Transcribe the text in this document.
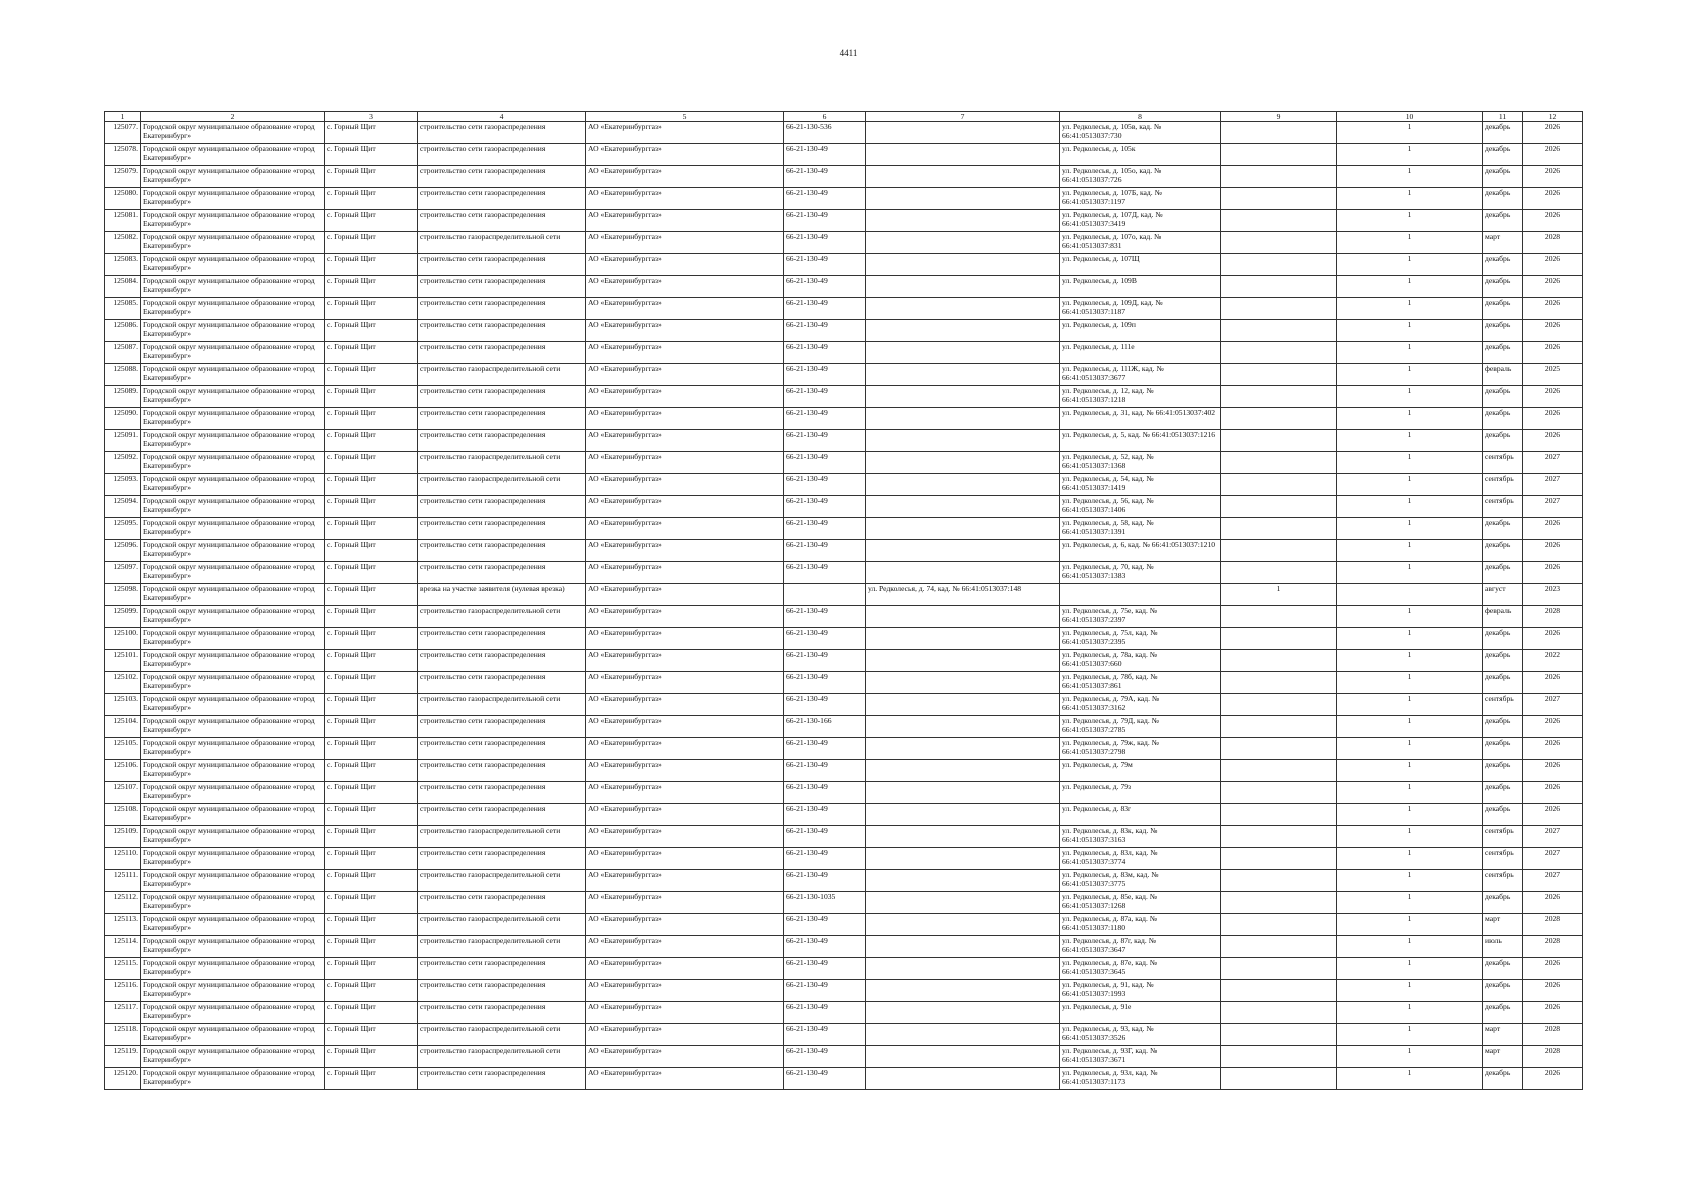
4411
1	2	3	4	5	6	7	8	9	10	11	12
125077.	Городской округ муниципальное образование «город Екатеринбург»	с. Горный Щит	строительство сети газораспределения	АО «Екатеринбурггаз»	66-21-130-536		ул. Редколесья, д. 105в, кад. № 66:41:0513037:730		1	декабрь	2026
125078.	Городской округ муниципальное образование «город Екатеринбург»	с. Горный Щит	строительство сети газораспределения	АО «Екатеринбурггаз»	66-21-130-49		ул. Редколесья, д. 105к		1	декабрь	2026
125079.	Городской округ муниципальное образование «город Екатеринбург»	с. Горный Щит	строительство сети газораспределения	АО «Екатеринбурггаз»	66-21-130-49		ул. Редколесья, д. 105о, кад. № 66:41:0513037:726		1	декабрь	2026
125080.	Городской округ муниципальное образование «город Екатеринбург»	с. Горный Щит	строительство сети газораспределения	АО «Екатеринбурггаз»	66-21-130-49		ул. Редколесья, д. 107Б, кад. № 66:41:0513037:1197		1	декабрь	2026
125081.	Городской округ муниципальное образование «город Екатеринбург»	с. Горный Щит	строительство сети газораспределения	АО «Екатеринбурггаз»	66-21-130-49		ул. Редколесья, д. 107Д, кад. № 66:41:0513037:3419		1	декабрь	2026
125082.	Городской округ муниципальное образование «город Екатеринбург»	с. Горный Щит	строительство газораспределительной сети	АО «Екатеринбурггаз»	66-21-130-49		ул. Редколесья, д. 107о, кад. № 66:41:0513037:831		1	март	2028
125083.	Городской округ муниципальное образование «город Екатеринбург»	с. Горный Щит	строительство сети газораспределения	АО «Екатеринбурггаз»	66-21-130-49		ул. Редколесья, д. 107Щ		1	декабрь	2026
125084.	Городской округ муниципальное образование «город Екатеринбург»	с. Горный Щит	строительство сети газораспределения	АО «Екатеринбурггаз»	66-21-130-49		ул. Редколесья, д. 109В		1	декабрь	2026
125085.	Городской округ муниципальное образование «город Екатеринбург»	с. Горный Щит	строительство сети газораспределения	АО «Екатеринбурггаз»	66-21-130-49		ул. Редколесья, д. 109Д, кад. № 66:41:0513037:1187		1	декабрь	2026
125086.	Городской округ муниципальное образование «город Екатеринбург»	с. Горный Щит	строительство сети газораспределения	АО «Екатеринбурггаз»	66-21-130-49		ул. Редколесья, д. 109п		1	декабрь	2026
125087.	Городской округ муниципальное образование «город Екатеринбург»	с. Горный Щит	строительство сети газораспределения	АО «Екатеринбурггаз»	66-21-130-49		ул. Редколесья, д. 111е		1	декабрь	2026
125088.	Городской округ муниципальное образование «город Екатеринбург»	с. Горный Щит	строительство газораспределительной сети	АО «Екатеринбурггаз»	66-21-130-49		ул. Редколесья, д. 111Ж, кад. № 66:41:0513037:3677		1	февраль	2025
125089.	Городской округ муниципальное образование «город Екатеринбург»	с. Горный Щит	строительство сети газораспределения	АО «Екатеринбурггаз»	66-21-130-49		ул. Редколесья, д. 12, кад. № 66:41:0513037:1218		1	декабрь	2026
125090.	Городской округ муниципальное образование «город Екатеринбург»	с. Горный Щит	строительство сети газораспределения	АО «Екатеринбурггаз»	66-21-130-49		ул. Редколесья, д. 31, кад. № 66:41:0513037:402		1	декабрь	2026
125091.	Городской округ муниципальное образование «город Екатеринбург»	с. Горный Щит	строительство сети газораспределения	АО «Екатеринбурггаз»	66-21-130-49		ул. Редколесья, д. 5, кад. № 66:41:0513037:1216		1	декабрь	2026
125092.	Городской округ муниципальное образование «город Екатеринбург»	с. Горный Щит	строительство газораспределительной сети	АО «Екатеринбурггаз»	66-21-130-49		ул. Редколесья, д. 52, кад. № 66:41:0513037:1368		1	сентябрь	2027
125093.	Городской округ муниципальное образование «город Екатеринбург»	с. Горный Щит	строительство газораспределительной сети	АО «Екатеринбурггаз»	66-21-130-49		ул. Редколесья, д. 54, кад. № 66:41:0513037:1419		1	сентябрь	2027
125094.	Городской округ муниципальное образование «город Екатеринбург»	с. Горный Щит	строительство сети газораспределения	АО «Екатеринбурггаз»	66-21-130-49		ул. Редколесья, д. 56, кад. № 66:41:0513037:1406		1	сентябрь	2027
125095.	Городской округ муниципальное образование «город Екатеринбург»	с. Горный Щит	строительство сети газораспределения	АО «Екатеринбурггаз»	66-21-130-49		ул. Редколесья, д. 58, кад. № 66:41:0513037:1391		1	декабрь	2026
125096.	Городской округ муниципальное образование «город Екатеринбург»	с. Горный Щит	строительство сети газораспределения	АО «Екатеринбурггаз»	66-21-130-49		ул. Редколесья, д. 6, кад. № 66:41:0513037:1210		1	декабрь	2026
125097.	Городской округ муниципальное образование «город Екатеринбург»	с. Горный Щит	строительство сети газораспределения	АО «Екатеринбурггаз»	66-21-130-49		ул. Редколесья, д. 70, кад. № 66:41:0513037:1383		1	декабрь	2026
125098.	Городской округ муниципальное образование «город Екатеринбург»	с. Горный Щит	врезка на участке заявителя (нулевая врезка)	АО «Екатеринбурггаз»		ул. Редколесья, д. 74, кад. № 66:41:0513037:148		1		август	2023
125099.	Городской округ муниципальное образование «город Екатеринбург»	с. Горный Щит	строительство газораспределительной сети	АО «Екатеринбурггаз»	66-21-130-49		ул. Редколесья, д. 75е, кад. № 66:41:0513037:2397		1	февраль	2028
125100.	Городской округ муниципальное образование «город Екатеринбург»	с. Горный Щит	строительство сети газораспределения	АО «Екатеринбурггаз»	66-21-130-49		ул. Редколесья, д. 75л, кад. № 66:41:0513037:2395		1	декабрь	2026
125101.	Городской округ муниципальное образование «город Екатеринбург»	с. Горный Щит	строительство сети газораспределения	АО «Екатеринбурггаз»	66-21-130-49		ул. Редколесья, д. 78а, кад. № 66:41:0513037:660		1	декабрь	2022
125102.	Городской округ муниципальное образование «город Екатеринбург»	с. Горный Щит	строительство сети газораспределения	АО «Екатеринбурггаз»	66-21-130-49		ул. Редколесья, д. 78б, кад. № 66:41:0513037:861		1	декабрь	2026
125103.	Городской округ муниципальное образование «город Екатеринбург»	с. Горный Щит	строительство газораспределительной сети	АО «Екатеринбурггаз»	66-21-130-49		ул. Редколесья, д. 79А, кад. № 66:41:0513037:3162		1	сентябрь	2027
125104.	Городской округ муниципальное образование «город Екатеринбург»	с. Горный Щит	строительство сети газораспределения	АО «Екатеринбурггаз»	66-21-130-166		ул. Редколесья, д. 79Д, кад. № 66:41:0513037:2785		1	декабрь	2026
125105.	Городской округ муниципальное образование «город Екатеринбург»	с. Горный Щит	строительство сети газораспределения	АО «Екатеринбурггаз»	66-21-130-49		ул. Редколесья, д. 79ж, кад. № 66:41:0513037:2798		1	декабрь	2026
125106.	Городской округ муниципальное образование «город Екатеринбург»	с. Горный Щит	строительство сети газораспределения	АО «Екатеринбурггаз»	66-21-130-49		ул. Редколесья, д. 79м		1	декабрь	2026
125107.	Городской округ муниципальное образование «город Екатеринбург»	с. Горный Щит	строительство сети газораспределения	АО «Екатеринбурггаз»	66-21-130-49		ул. Редколесья, д. 79з		1	декабрь	2026
125108.	Городской округ муниципальное образование «город Екатеринбург»	с. Горный Щит	строительство сети газораспределения	АО «Екатеринбурггаз»	66-21-130-49		ул. Редколесья, д. 83г		1	декабрь	2026
125109.	Городской округ муниципальное образование «город Екатеринбург»	с. Горный Щит	строительство газораспределительной сети	АО «Екатеринбурггаз»	66-21-130-49		ул. Редколесья, д. 83к, кад. № 66:41:0513037:3163		1	сентябрь	2027
125110.	Городской округ муниципальное образование «город Екатеринбург»	с. Горный Щит	строительство сети газораспределения	АО «Екатеринбурггаз»	66-21-130-49		ул. Редколесья, д. 83л, кад. № 66:41:0513037:3774		1	сентябрь	2027
125111.	Городской округ муниципальное образование «город Екатеринбург»	с. Горный Щит	строительство газораспределительной сети	АО «Екатеринбурггаз»	66-21-130-49		ул. Редколесья, д. 83м, кад. № 66:41:0513037:3775		1	сентябрь	2027
125112.	Городской округ муниципальное образование «город Екатеринбург»	с. Горный Щит	строительство сети газораспределения	АО «Екатеринбурггаз»	66-21-130-1035		ул. Редколесья, д. 85е, кад. № 66:41:0513037:1268		1	декабрь	2026
125113.	Городской округ муниципальное образование «город Екатеринбург»	с. Горный Щит	строительство газораспределительной сети	АО «Екатеринбурггаз»	66-21-130-49		ул. Редколесья, д. 87а, кад. № 66:41:0513037:1180		1	март	2028
125114.	Городской округ муниципальное образование «город Екатеринбург»	с. Горный Щит	строительство газораспределительной сети	АО «Екатеринбурггаз»	66-21-130-49		ул. Редколесья, д. 87г, кад. № 66:41:0513037:3647		1	июль	2028
125115.	Городской округ муниципальное образование «город Екатеринбург»	с. Горный Щит	строительство сети газораспределения	АО «Екатеринбурггаз»	66-21-130-49		ул. Редколесья, д. 87е, кад. № 66:41:0513037:3645		1	декабрь	2026
125116.	Городской округ муниципальное образование «город Екатеринбург»	с. Горный Щит	строительство сети газораспределения	АО «Екатеринбурггаз»	66-21-130-49		ул. Редколесья, д. 91, кад. № 66:41:0513037:1993		1	декабрь	2026
125117.	Городской округ муниципальное образование «город Екатеринбург»	с. Горный Щит	строительство сети газораспределения	АО «Екатеринбурггаз»	66-21-130-49		ул. Редколесья, д. 91е		1	декабрь	2026
125118.	Городской округ муниципальное образование «город Екатеринбург»	с. Горный Щит	строительство газораспределительной сети	АО «Екатеринбурггаз»	66-21-130-49		ул. Редколесья, д. 93, кад. № 66:41:0513037:3526		1	март	2028
125119.	Городской округ муниципальное образование «город Екатеринбург»	с. Горный Щит	строительство газораспределительной сети	АО «Екатеринбурггаз»	66-21-130-49		ул. Редколесья, д. 93Г, кад. № 66:41:0513037:3671		1	март	2028
125120.	Городской округ муниципальное образование «город Екатеринбург»	с. Горный Щит	строительство сети газораспределения	АО «Екатеринбурггаз»	66-21-130-49		ул. Редколесья, д. 93л, кад. № 66:41:0513037:1173		1	декабрь	2026
